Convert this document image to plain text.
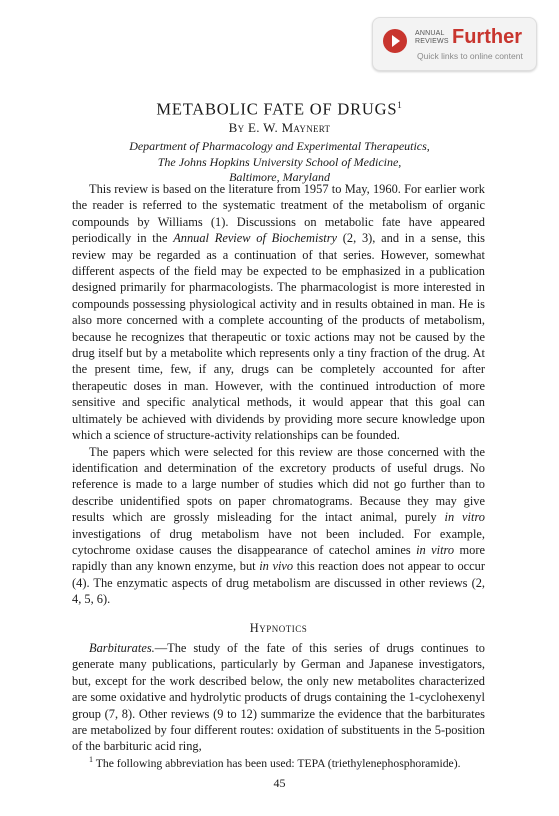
ANNUAL
REVIEWS Further
Quick links to online content
METABOLIC FATE OF DRUGS$^1$
By E. W. Maynert
Department of Pharmacology and Experimental Therapeutics,
The Johns Hopkins University School of Medicine,
Baltimore, Maryland

This review is based on the literature from 1957 to May, 1960. For earlier work the reader is referred to the systematic treatment of the metabolism of organic compounds by Williams (1). Discussions on metabolic fate have appeared periodically in the Annual Review of Biochemistry (2, 3), and in a sense, this review may be regarded as a continuation of that series. However, somewhat different aspects of the field may be expected to be emphasized in a publication designed primarily for pharmacologists. The pharmacologist is more interested in compounds possessing physiological activity and in results obtained in man. He is also more concerned with a complete accounting of the products of metabolism, because he recognizes that therapeutic or toxic actions may not be caused by the drug itself but by a metabolite which represents only a tiny fraction of the drug. At the present time, few, if any, drugs can be completely accounted for after therapeutic doses in man. However, with the continued introduction of more sensitive and specific analytical methods, it would appear that this goal can ultimately be achieved with dividends by providing more secure knowledge upon which a science of structure-activity relationships can be founded.

The papers which were selected for this review are those concerned with the identification and determination of the excretory products of useful drugs. No reference is made to a large number of studies which did not go further than to describe unidentified spots on paper chromatograms. Because they may give results which are grossly misleading for the intact animal, purely in vitro investigations of drug metabolism have not been included. For example, cytochrome oxidase causes the disappearance of catechol amines in vitro more rapidly than any known enzyme, but in vivo this reaction does not appear to occur (4). The enzymatic aspects of drug metabolism are discussed in other reviews (2, 4, 5, 6).

Hypnotics

Barbiturates.—The study of the fate of this series of drugs continues to generate many publications, particularly by German and Japanese investigators, but, except for the work described below, the only new metabolites characterized are some oxidative and hydrolytic products of drugs containing the 1-cyclohexenyl group (7, 8). Other reviews (9 to 12) summarize the evidence that the barbiturates are metabolized by four different routes: oxidation of substituents in the 5-position of the barbituric acid ring,

$^1$ The following abbreviation has been used: TEPA (triethylenephosphoramide).
45
